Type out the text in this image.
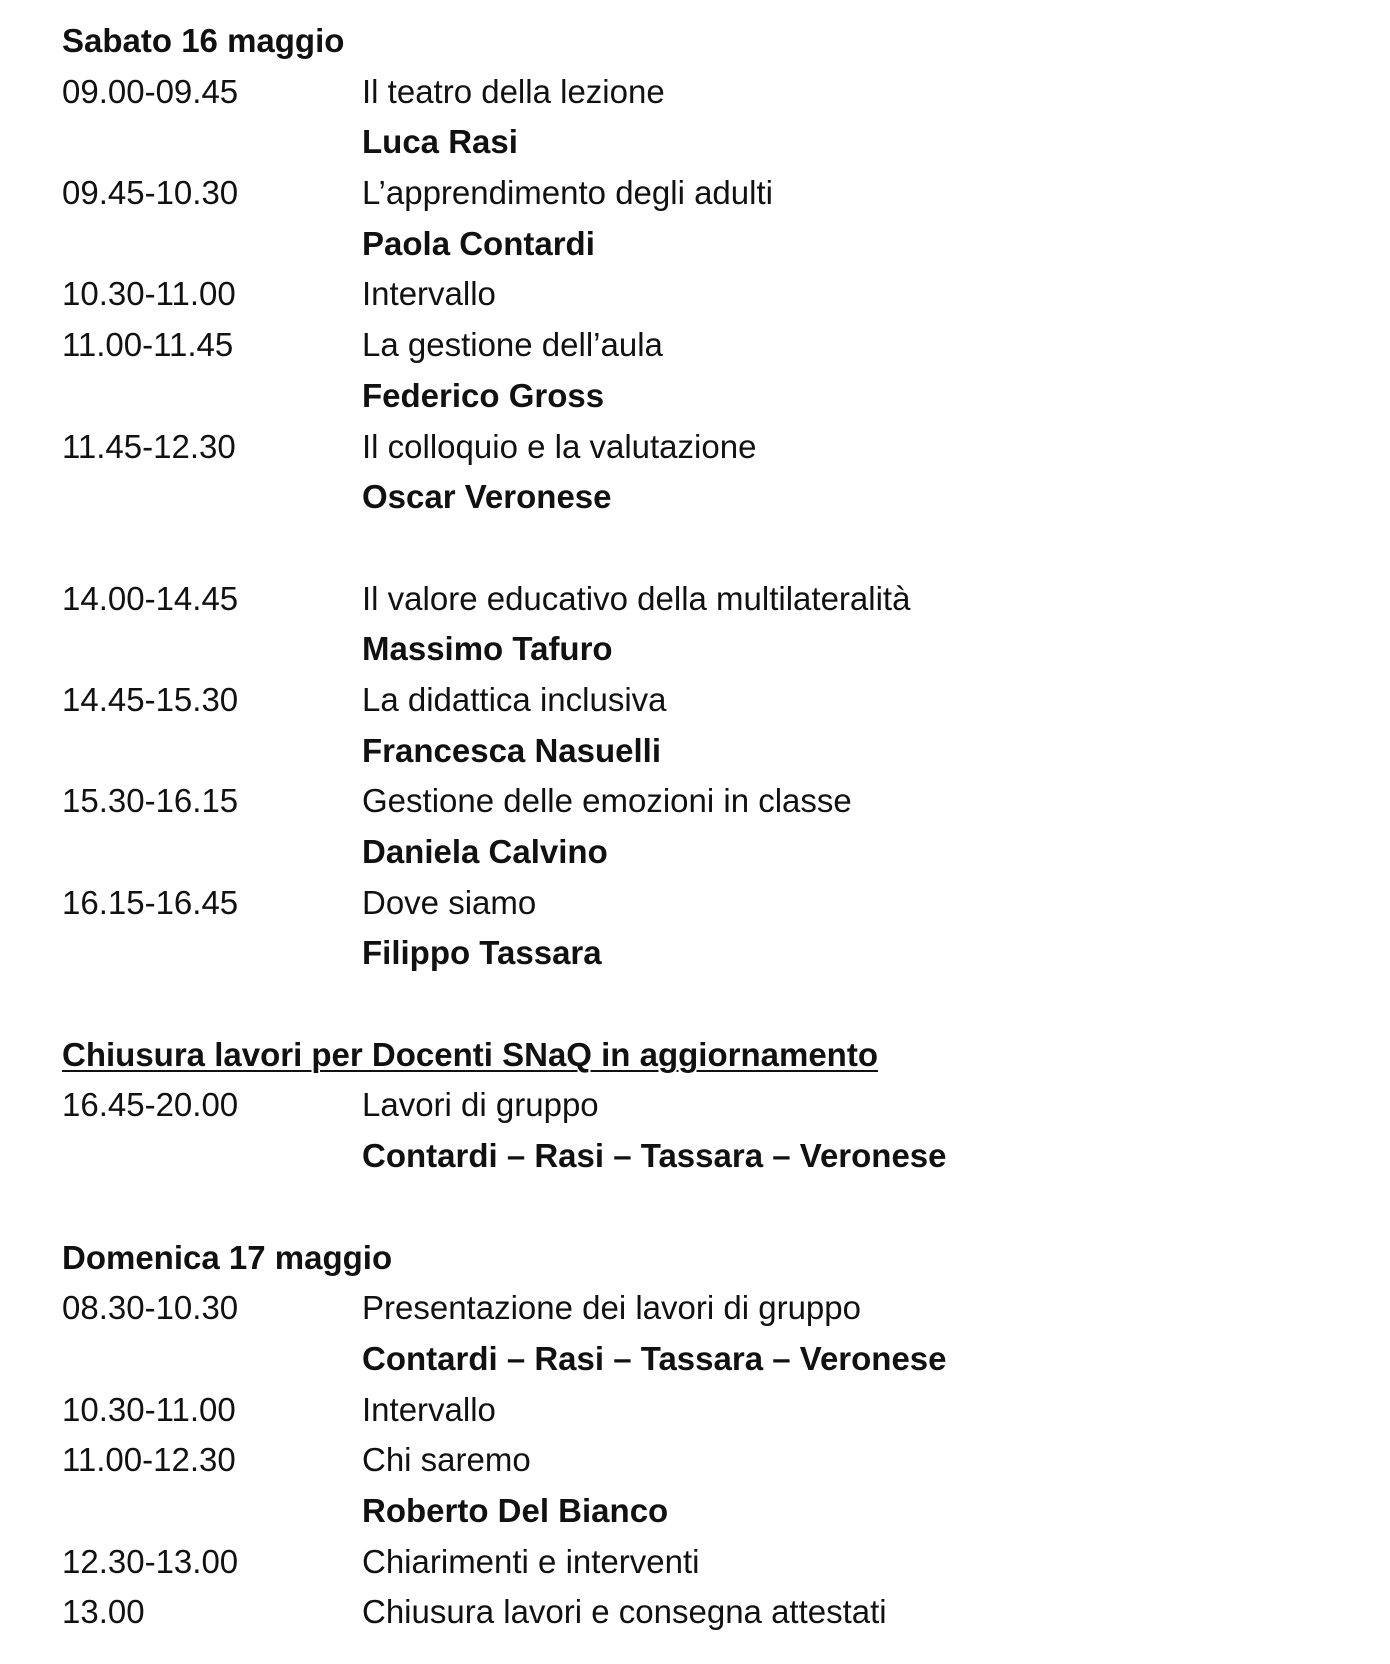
Sabato 16 maggio
09.00-09.45	Il teatro della lezione
Luca Rasi
09.45-10.30	L’apprendimento degli adulti
Paola Contardi
10.30-11.00	Intervallo
11.00-11.45	La gestione dell’aula
Federico Gross
11.45-12.30	Il colloquio e la valutazione
Oscar Veronese
14.00-14.45	Il valore educativo della multilateralità
Massimo Tafuro
14.45-15.30	La didattica inclusiva
Francesca Nasuelli
15.30-16.15	Gestione delle emozioni in classe
Daniela Calvino
16.15-16.45	Dove siamo
Filippo Tassara
Chiusura lavori per Docenti SNaQ in aggiornamento
16.45-20.00	Lavori di gruppo
Contardi – Rasi – Tassara – Veronese
Domenica 17 maggio
08.30-10.30	Presentazione dei lavori di gruppo
Contardi – Rasi – Tassara – Veronese
10.30-11.00	Intervallo
11.00-12.30	Chi saremo
Roberto Del Bianco
12.30-13.00	Chiarimenti e interventi
13.00	Chiusura lavori e consegna attestati
